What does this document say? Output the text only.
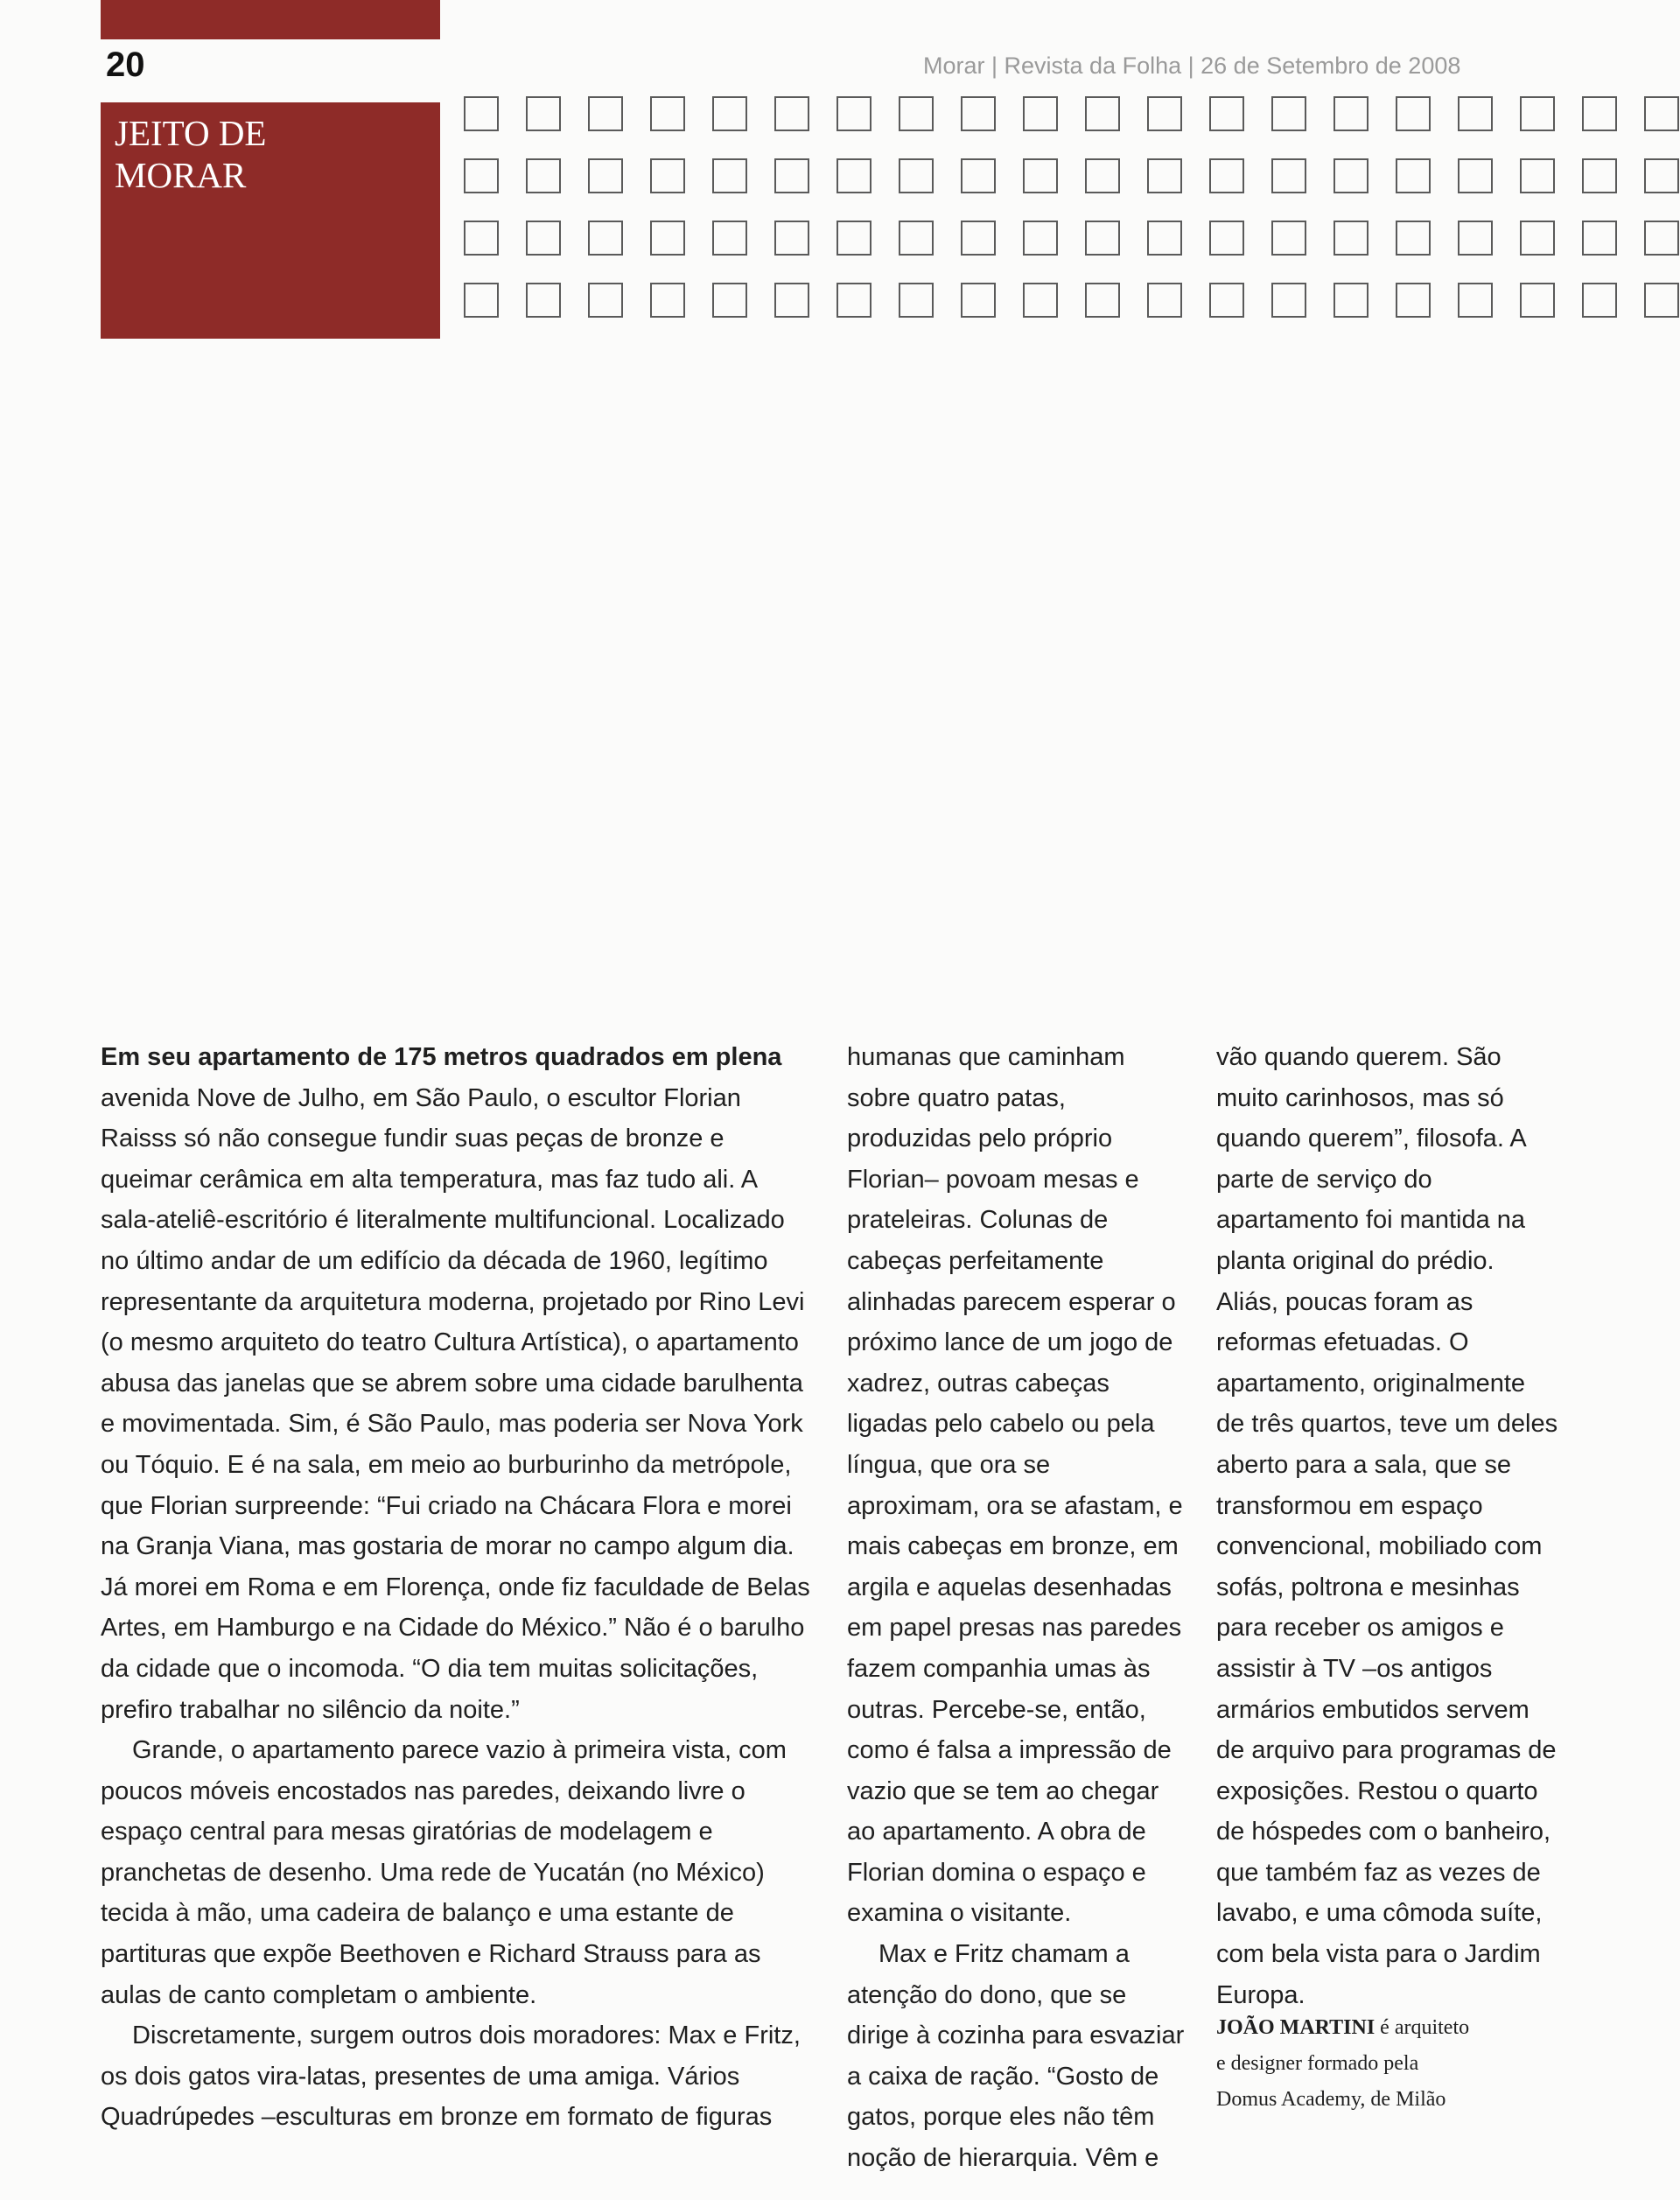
20	Morar | Revista da Folha | 26 de Setembro de 2008
JEITO DE
MORAR

Em seu apartamento de 175 metros quadrados em plena
avenida Nove de Julho, em São Paulo, o escultor Florian Raisss só não consegue fundir suas peças de bronze e queimar cerâmica em alta temperatura, mas faz tudo ali. A sala-ateliê-escritório é literalmente multifuncional. Localizado no último andar de um edifício da década de 1960, legítimo representante da arquitetura moderna, projetado por Rino Levi (o mesmo arquiteto do teatro Cultura Artística), o apartamento abusa das janelas que se abrem sobre uma cidade barulhenta e movimentada. Sim, é São Paulo, mas poderia ser Nova York ou Tóquio. E é na sala, em meio ao burburinho da metrópole, que Florian surpreende: “Fui criado na Chácara Flora e morei na Granja Viana, mas gostaria de morar no campo algum dia. Já morei em Roma e em Florença, onde fiz faculdade de Belas Artes, em Hamburgo e na Cidade do México.” Não é o barulho da cidade que o incomoda. “O dia tem muitas solicitações, prefiro trabalhar no silêncio da noite.”

Grande, o apartamento parece vazio à primeira vista, com poucos móveis encostados nas paredes, deixando livre o espaço central para mesas giratórias de modelagem e pranchetas de desenho. Uma rede de Yucatán (no México) tecida à mão, uma cadeira de balanço e uma estante de partituras que expõe Beethoven e Richard Strauss para as aulas de canto completam o ambiente.

Discretamente, surgem outros dois moradores: Max e Fritz, os dois gatos vira-latas, presentes de uma amiga. Vários Quadrúpedes –esculturas em bronze em formato de figuras

humanas que caminham sobre quatro patas, produzidas pelo próprio Florian– povoam mesas e prateleiras. Colunas de cabeças perfeitamente alinhadas parecem esperar o próximo lance de um jogo de xadrez, outras cabeças ligadas pelo cabelo ou pela língua, que ora se aproximam, ora se afastam, e mais cabeças em bronze, em argila e aquelas desenhadas em papel presas nas paredes fazem companhia umas às outras. Percebe-se, então, como é falsa a impressão de vazio que se tem ao chegar ao apartamento. A obra de Florian domina o espaço e examina o visitante.

Max e Fritz chamam a atenção do dono, que se dirige à cozinha para esvaziar a caixa de ração. “Gosto de gatos, porque eles não têm noção de hierarquia. Vêm e

vão quando querem. São muito carinhosos, mas só quando querem”, filosofa. A parte de serviço do apartamento foi mantida na planta original do prédio. Aliás, poucas foram as reformas efetuadas. O apartamento, originalmente de três quartos, teve um deles aberto para a sala, que se transformou em espaço convencional, mobiliado com sofás, poltrona e mesinhas para receber os amigos e assistir à TV –os antigos armários embutidos servem de arquivo para programas de exposições. Restou o quarto de hóspedes com o banheiro, que também faz as vezes de lavabo, e uma cômoda suíte, com bela vista para o Jardim Europa.

JOÃO MARTINI é arquiteto
e designer formado pela
Domus Academy, de Milão
